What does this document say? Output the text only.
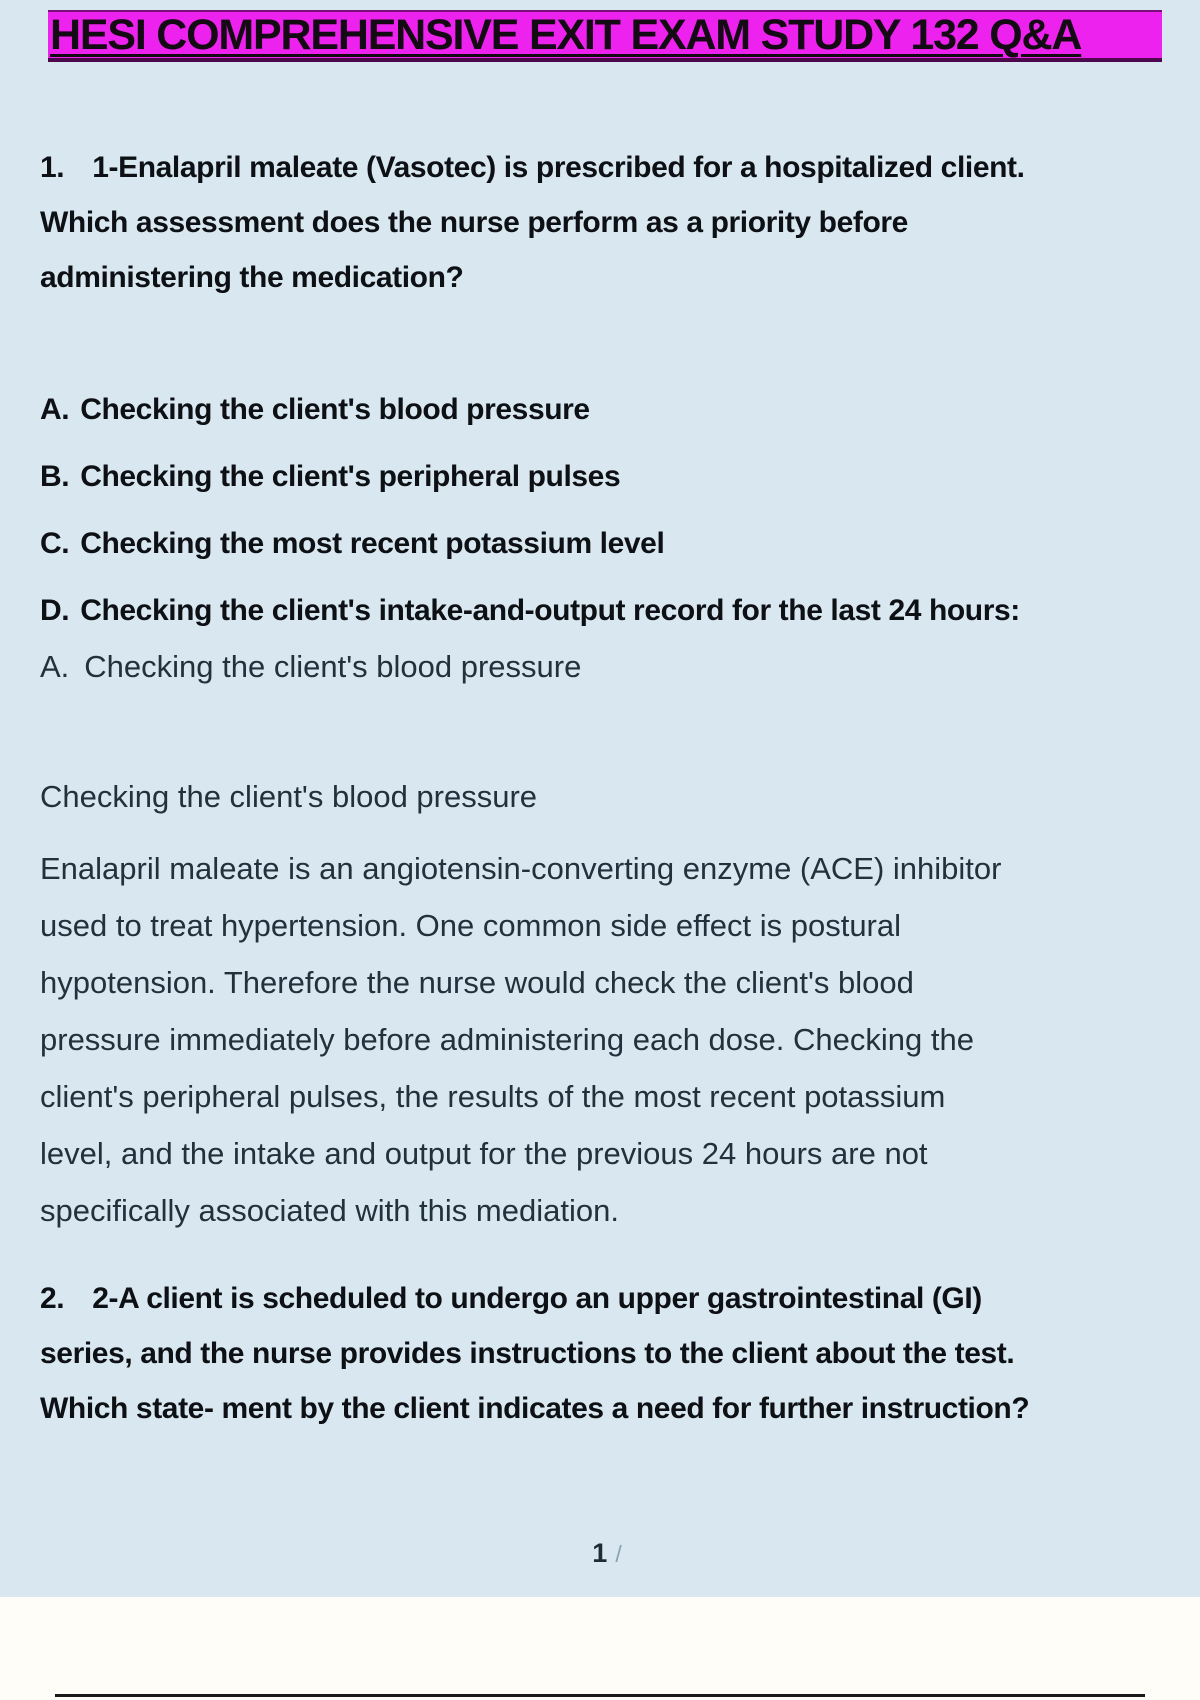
HESI COMPREHENSIVE EXIT EXAM STUDY 132 Q&A
1. 1-Enalapril maleate (Vasotec) is prescribed for a hospitalized client.
Which assessment does the nurse perform as a priority before
administering the medication?
A. Checking the client's blood pressure
B. Checking the client's peripheral pulses
C. Checking the most recent potassium level
D. Checking the client's intake-and-output record for the last 24 hours:
A. Checking the client's blood pressure
Checking the client's blood pressure
Enalapril maleate is an angiotensin-converting enzyme (ACE) inhibitor
used to treat hypertension. One common side effect is postural
hypotension. Therefore the nurse would check the client's blood
pressure immediately before administering each dose. Checking the
client's peripheral pulses, the results of the most recent potassium
level, and the intake and output for the previous 24 hours are not
specifically associated with this mediation.
2. 2-A client is scheduled to undergo an upper gastrointestinal (GI)
series, and the nurse provides instructions to the client about the test.
Which state- ment by the client indicates a need for further instruction?
1 /
